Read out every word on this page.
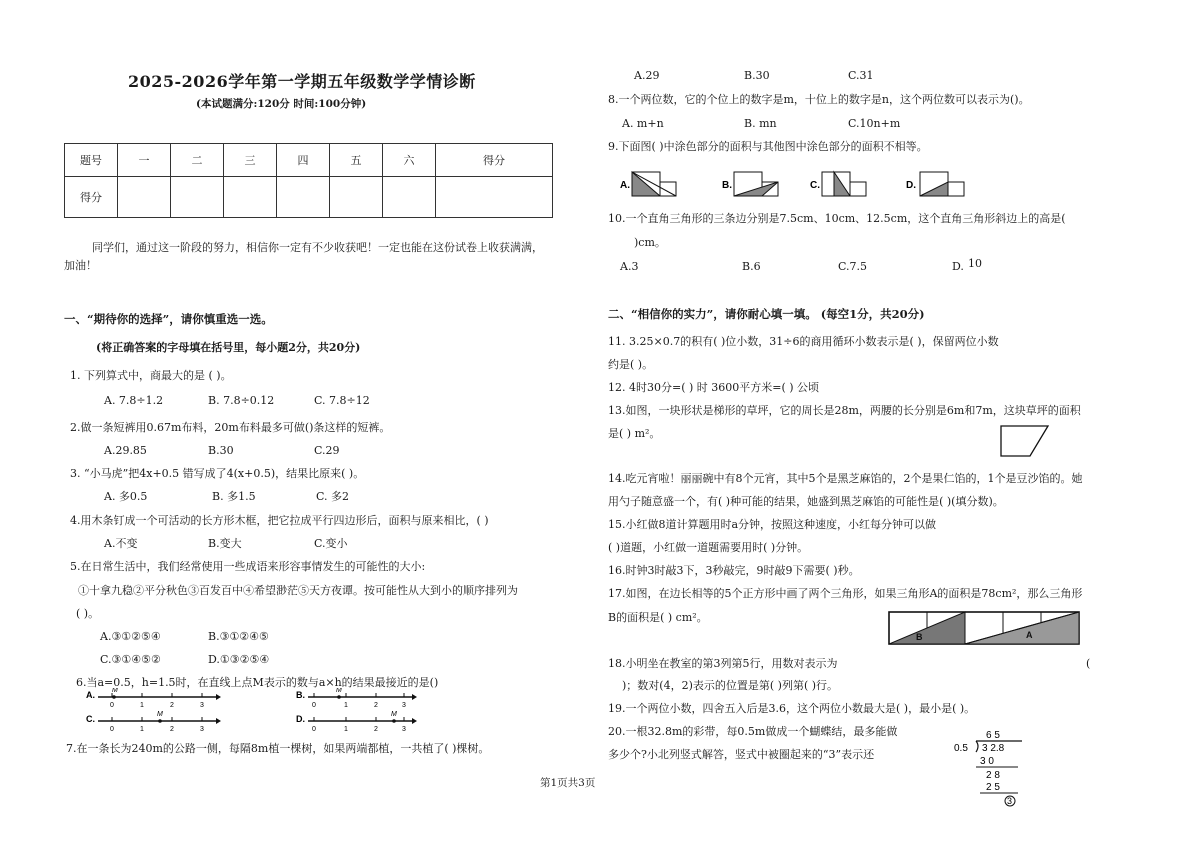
2025-2026学年第一学期五年级数学学情诊断
(本试题满分:120分 时间:100分钟)
题号	一	二	三	四	五	六	得分
得分							
同学们，通过这一阶段的努力，相信你一定有不少收获吧！一定也能在这份试卷上收获满满，
加油！
一、“期待你的选择”，请你慎重选一选。
(将正确答案的字母填在括号里，每小题2分，共20分)
1. 下列算式中，商最大的是 ( )。
A. 7.8÷1.2	B. 7.8÷0.12	C. 7.8÷12
2.做一条短裤用0.67m布料，20m布料最多可做()条这样的短裤。
A.29.85	B.30	C.29
3. “小马虎”把4x+0.5 错写成了4(x+0.5)，结果比原来( )。
A. 多0.5	B. 多1.5	C. 多2
4.用木条钉成一个可活动的长方形木框，把它拉成平行四边形后，面积与原来相比，( )
A.不变	B.变大	C.变小
5.在日常生活中，我们经常使用一些成语来形容事情发生的可能性的大小:
①十拿九稳②平分秋色③百发百中④希望渺茫⑤天方夜谭。按可能性从大到小的顺序排列为
( )。
A.③①②⑤④	B.③①②④⑤
C.③①④⑤②	D.①③②⑤④
6.当a=0.5，h=1.5时，在直线上点M表示的数与a×h的结果最接近的是()
A. M
0	1	2	3
B.	M
0	1	2	3
C.	M
0	1	2	3
D.	M
0	1	2	3
7.在一条长为240m的公路一侧，每隔8m植一棵树，如果两端都植，一共植了( )棵树。
第1页共3页
A.29	B.30	C.31
8.一个两位数，它的个位上的数字是m，十位上的数字是n，这个两位数可以表示为()。
A. m+n	B. mn	C.10n+m
9.下面图( )中涂色部分的面积与其他图中涂色部分的面积不相等。
A.	B.	C.	D.
10.一个直角三角形的三条边分别是7.5cm、10cm、12.5cm，这个直角三角形斜边上的高是(
)cm。
A.3	B.6	C.7.5	D. 10
二、“相信你的实力”，请你耐心填一填。 (每空1分，共20分)
11. 3.25×0.7的积有( )位小数，31÷6的商用循环小数表示是( )，保留两位小数
约是( )。
12. 4时30分=( ) 时 3600平方米=( ) 公顷
13.如图，一块形状是梯形的草坪，它的周长是28m，两腰的长分别是6m和7m，这块草坪的面积
是( ) m²。
14.吃元宵啦！丽丽碗中有8个元宵，其中5个是黑芝麻馅的，2个是果仁馅的，1个是豆沙馅的。她
用勺子随意盛一个，有( )种可能的结果，她盛到黑芝麻馅的可能性是( )(填分数)。
15.小红做8道计算题用时a分钟，按照这种速度，小红每分钟可以做
( )道题，小红做一道题需要用时( )分钟。
16.时钟3时敲3下，3秒敲完，9时敲9下需要( )秒。
17.如图，在边长相等的5个正方形中画了两个三角形，如果三角形A的面积是78cm²，那么三角形
B的面积是( ) cm²。
B	A
18.小明坐在教室的第3列第5行，用数对表示为	(
)；数对(4，2)表示的位置是第( )列第( )行。
19.一个两位小数，四舍五入后是3.6，这个两位小数最大是( )，最小是( )。
20.一根32.8m的彩带，每0.5m做成一个蝴蝶结，最多能做
多少个?小北列竖式解答，竖式中被圈起来的“3”表示还
6 5
0.5 3 2.8
3 0
2 8
2 5
3
